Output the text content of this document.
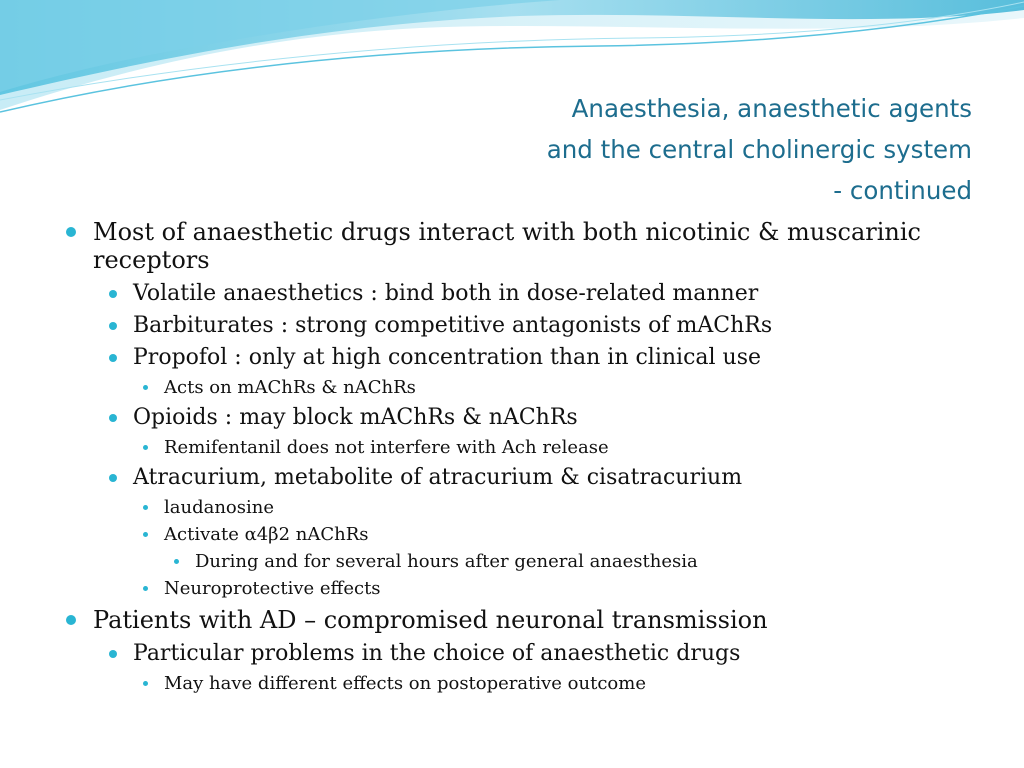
Anaesthesia, anaesthetic agents
and the central cholinergic system
- continued
Most of anaesthetic drugs interact with both nicotinic & muscarinic
receptors
Volatile anaesthetics : bind both in dose-related manner
Barbiturates : strong competitive antagonists of mAChRs
Propofol : only at high concentration than in clinical use
Acts on mAChRs & nAChRs
Opioids : may block mAChRs & nAChRs
Remifentanil does not interfere with Ach release
Atracurium, metabolite of atracurium & cisatracurium
laudanosine
Activate α4β2 nAChRs
During and for several hours after general anaesthesia
Neuroprotective effects
Patients with AD – compromised neuronal transmission
Particular problems in the choice of anaesthetic drugs
May have different effects on postoperative outcome
